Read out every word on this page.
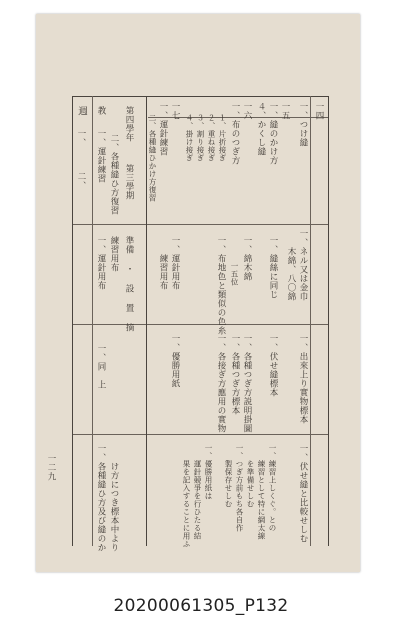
一二九
週
一、
二、
教
一、運針練習 二、各種縫ひ方復習
第四學年
第三學期
一、運針用布 練習用布 準備 ・ 設 置 摘
一、同　上
一、各種縫ひ方及び縫のか 　　け方につき標本中より
一四
一、つけ縫
一、出來上り實物標本
一五
一、縫のかけ方
４、かくし縫
一、ネル又は金巾
　　木綿、八〇綿
一、縫絲に同じ
一、伏せ縫標本
一、伏せ縫と比較せしむ
一六
一、布のつぎ方
１、片折接ぎ
２、重ね接ぎ
３、割り接ぎ
４、掛け接ぎ
一、綿木綿
　　一五位
一、布地色と類似の色糸
一、各種つぎ方説明掛圖
一、各種つぎ方標本
一、各接ぎ方應用の實物
一、練習上しくぐ。との
　　練習として特に網太線
　　を準備せしむ
一、つぎ方前もち各自作
　　製保存せしむ
一七
一、運針練習
二、各種縫ひかけ方復習
一、運針用布
　　練習用布
一、優勝用紙
一、優勝用紙は
　　運針競爭を行ひたる結
　　果を記入することに用ふ
20200061305_P132
